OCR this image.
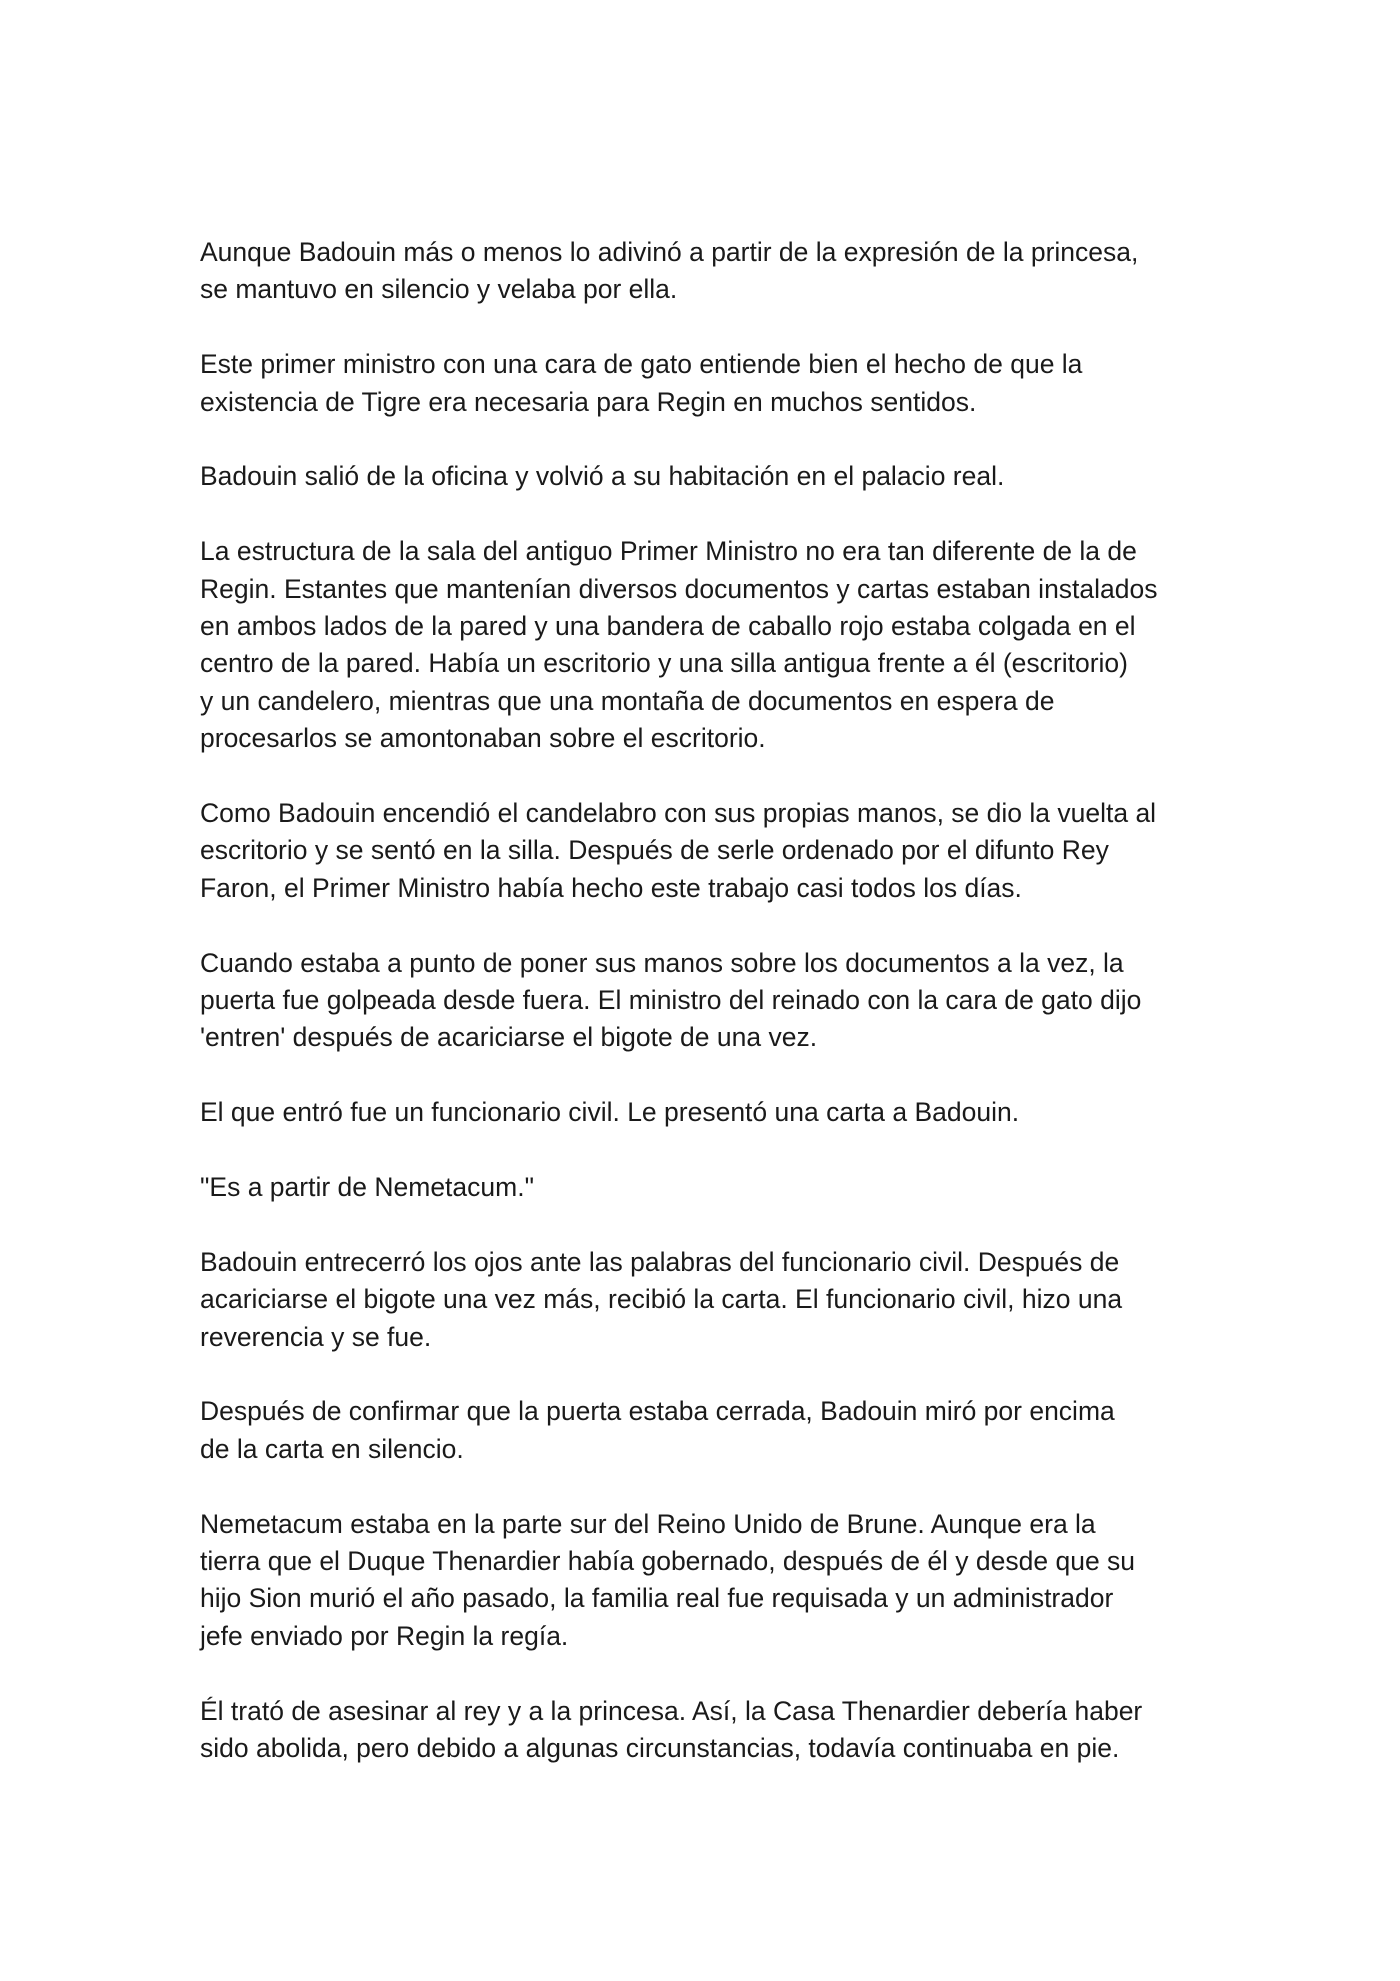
Aunque Badouin más o menos lo adivinó a partir de la expresión de la princesa,
se mantuvo en silencio y velaba por ella.

Este primer ministro con una cara de gato entiende bien el hecho de que la
existencia de Tigre era necesaria para Regin en muchos sentidos.

Badouin salió de la oficina y volvió a su habitación en el palacio real.

La estructura de la sala del antiguo Primer Ministro no era tan diferente de la de
Regin. Estantes que mantenían diversos documentos y cartas estaban instalados
en ambos lados de la pared y una bandera de caballo rojo estaba colgada en el
centro de la pared. Había un escritorio y una silla antigua frente a él (escritorio)
y un candelero, mientras que una montaña de documentos en espera de
procesarlos se amontonaban sobre el escritorio.

Como Badouin encendió el candelabro con sus propias manos, se dio la vuelta al
escritorio y se sentó en la silla. Después de serle ordenado por el difunto Rey
Faron, el Primer Ministro había hecho este trabajo casi todos los días.

Cuando estaba a punto de poner sus manos sobre los documentos a la vez, la
puerta fue golpeada desde fuera. El ministro del reinado con la cara de gato dijo
'entren' después de acariciarse el bigote de una vez.

El que entró fue un funcionario civil. Le presentó una carta a Badouin.

"Es a partir de Nemetacum."

Badouin entrecerró los ojos ante las palabras del funcionario civil. Después de
acariciarse el bigote una vez más, recibió la carta. El funcionario civil, hizo una
reverencia y se fue.

Después de confirmar que la puerta estaba cerrada, Badouin miró por encima
de la carta en silencio.

Nemetacum estaba en la parte sur del Reino Unido de Brune. Aunque era la
tierra que el Duque Thenardier había gobernado, después de él y desde que su
hijo Sion murió el año pasado, la familia real fue requisada y un administrador
jefe enviado por Regin la regía.

Él trató de asesinar al rey y a la princesa. Así, la Casa Thenardier debería haber
sido abolida, pero debido a algunas circunstancias, todavía continuaba en pie.
